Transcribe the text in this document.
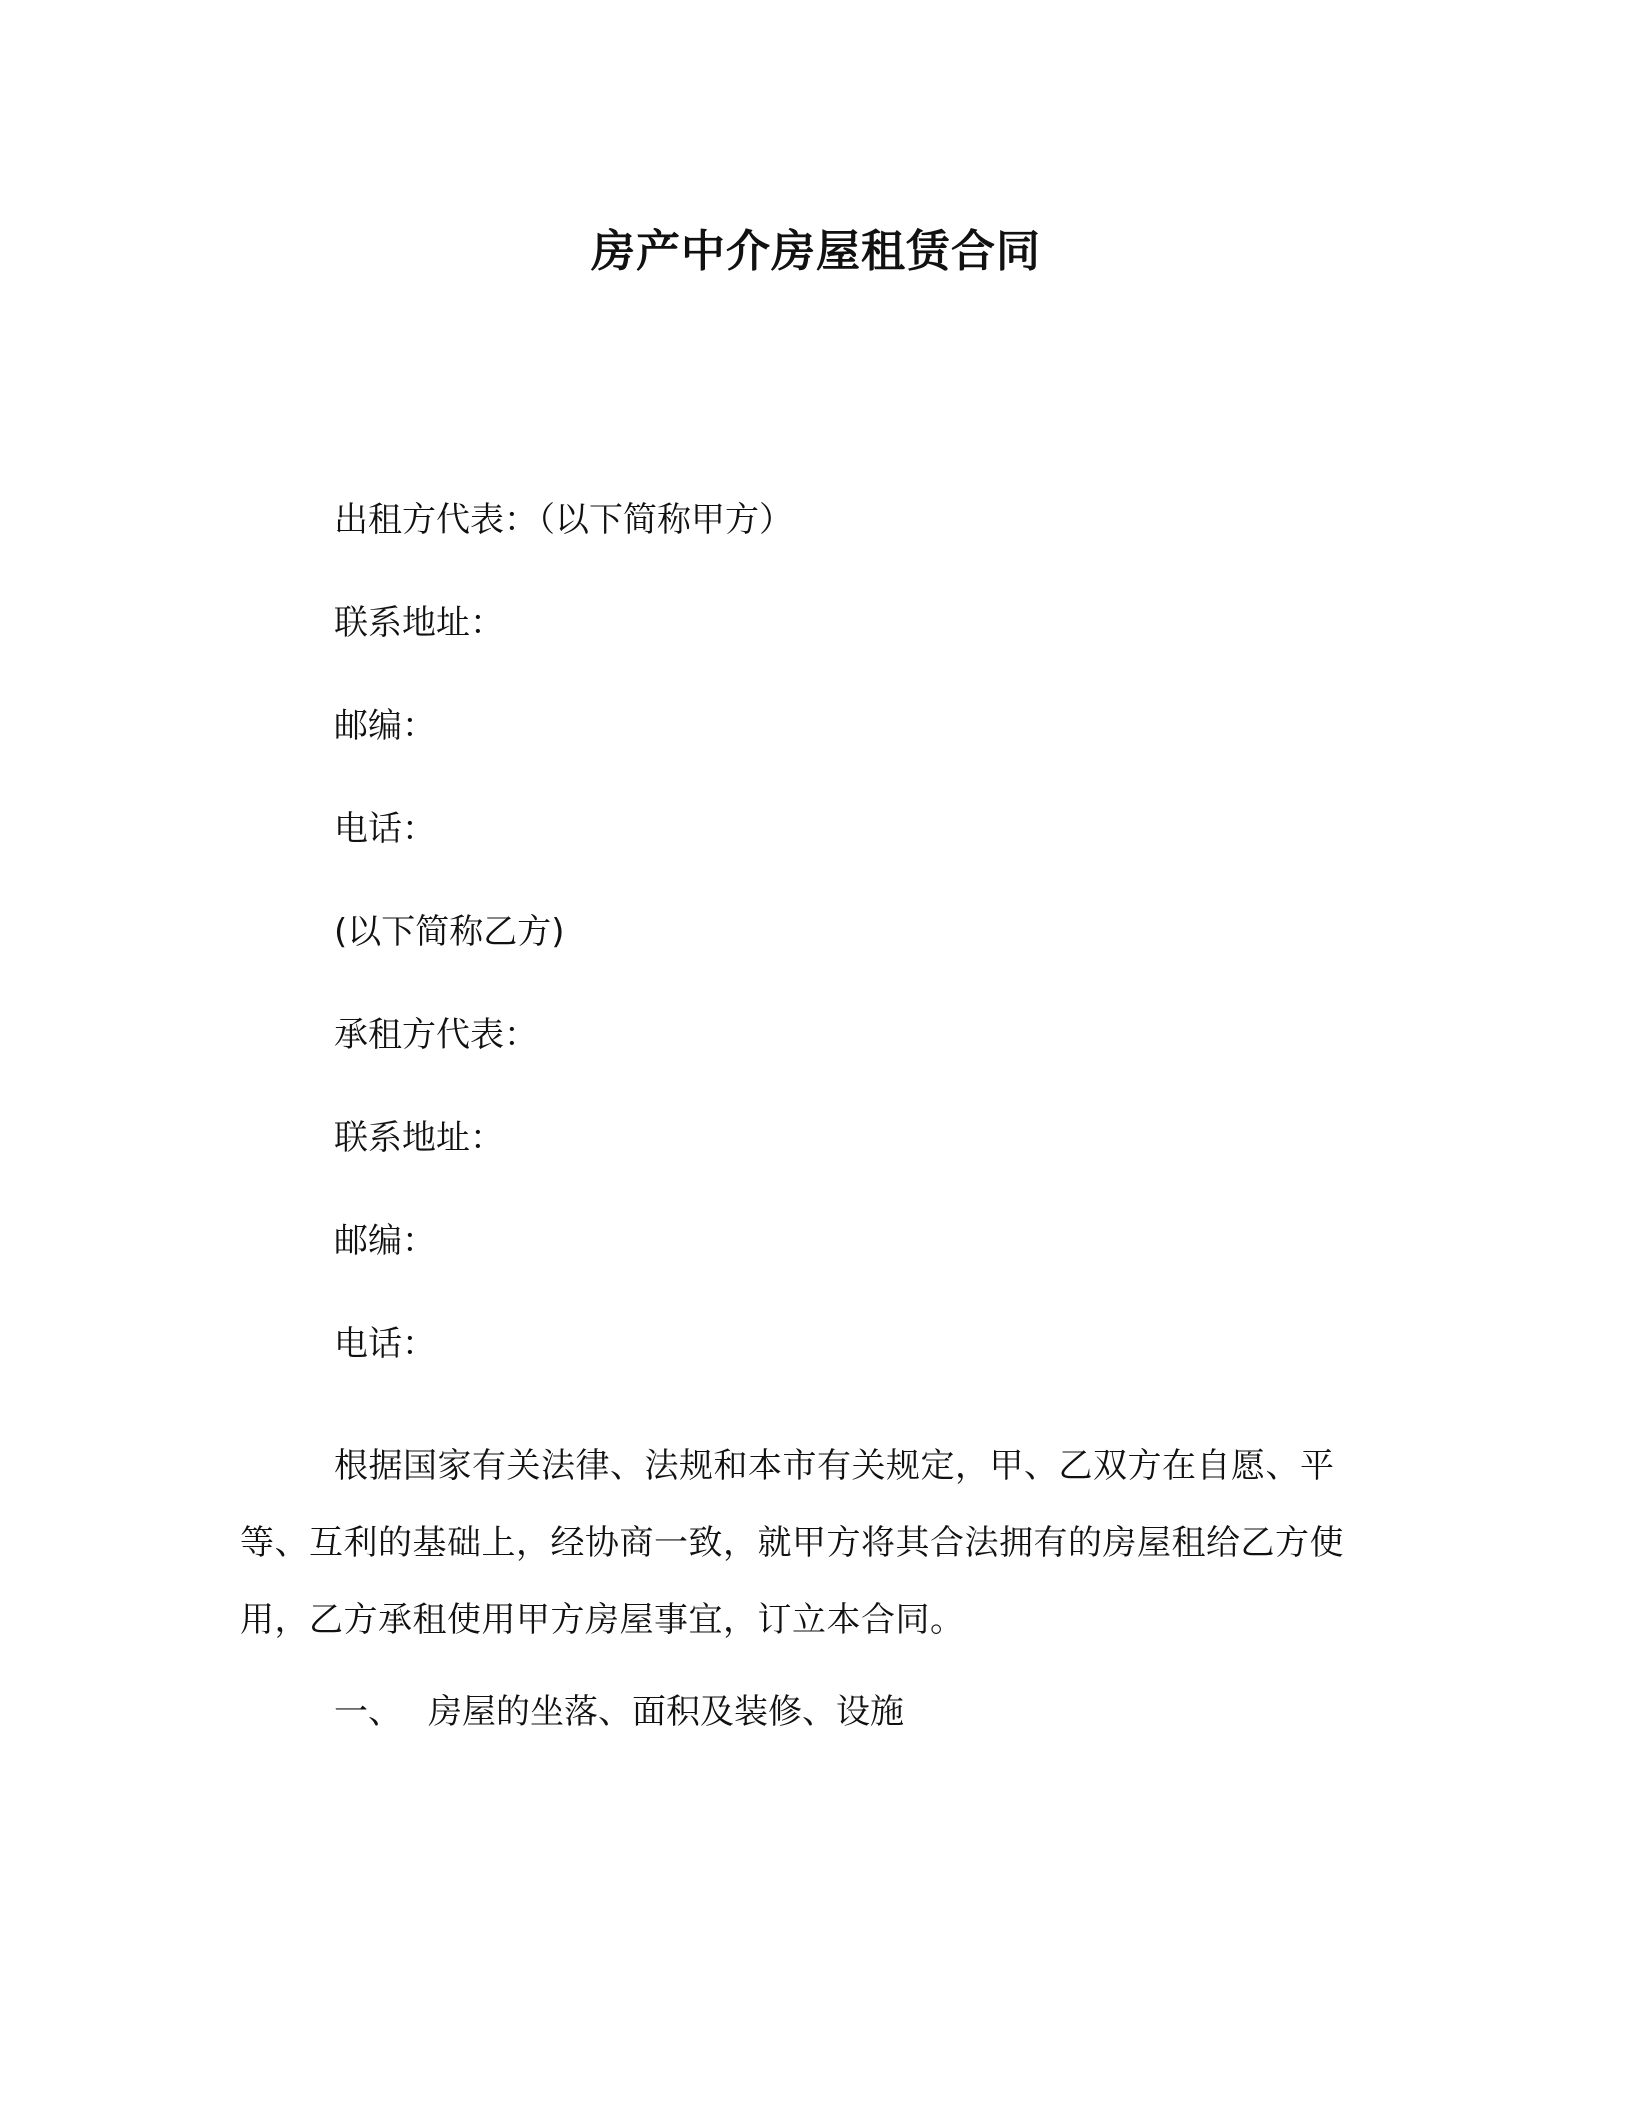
房产中介房屋租赁合同
出租方代表：（以下简称甲方）
联系地址：
邮编：
电话：
(以下简称乙方)
承租方代表：
联系地址：
邮编：
电话：

根据国家有关法律、法规和本市有关规定，甲、乙双方在自愿、平等、互利的基础上，经协商一致，就甲方将其合法拥有的房屋租给乙方使用，乙方承租使用甲方房屋事宜，订立本合同。

一、 房屋的坐落、面积及装修、设施
